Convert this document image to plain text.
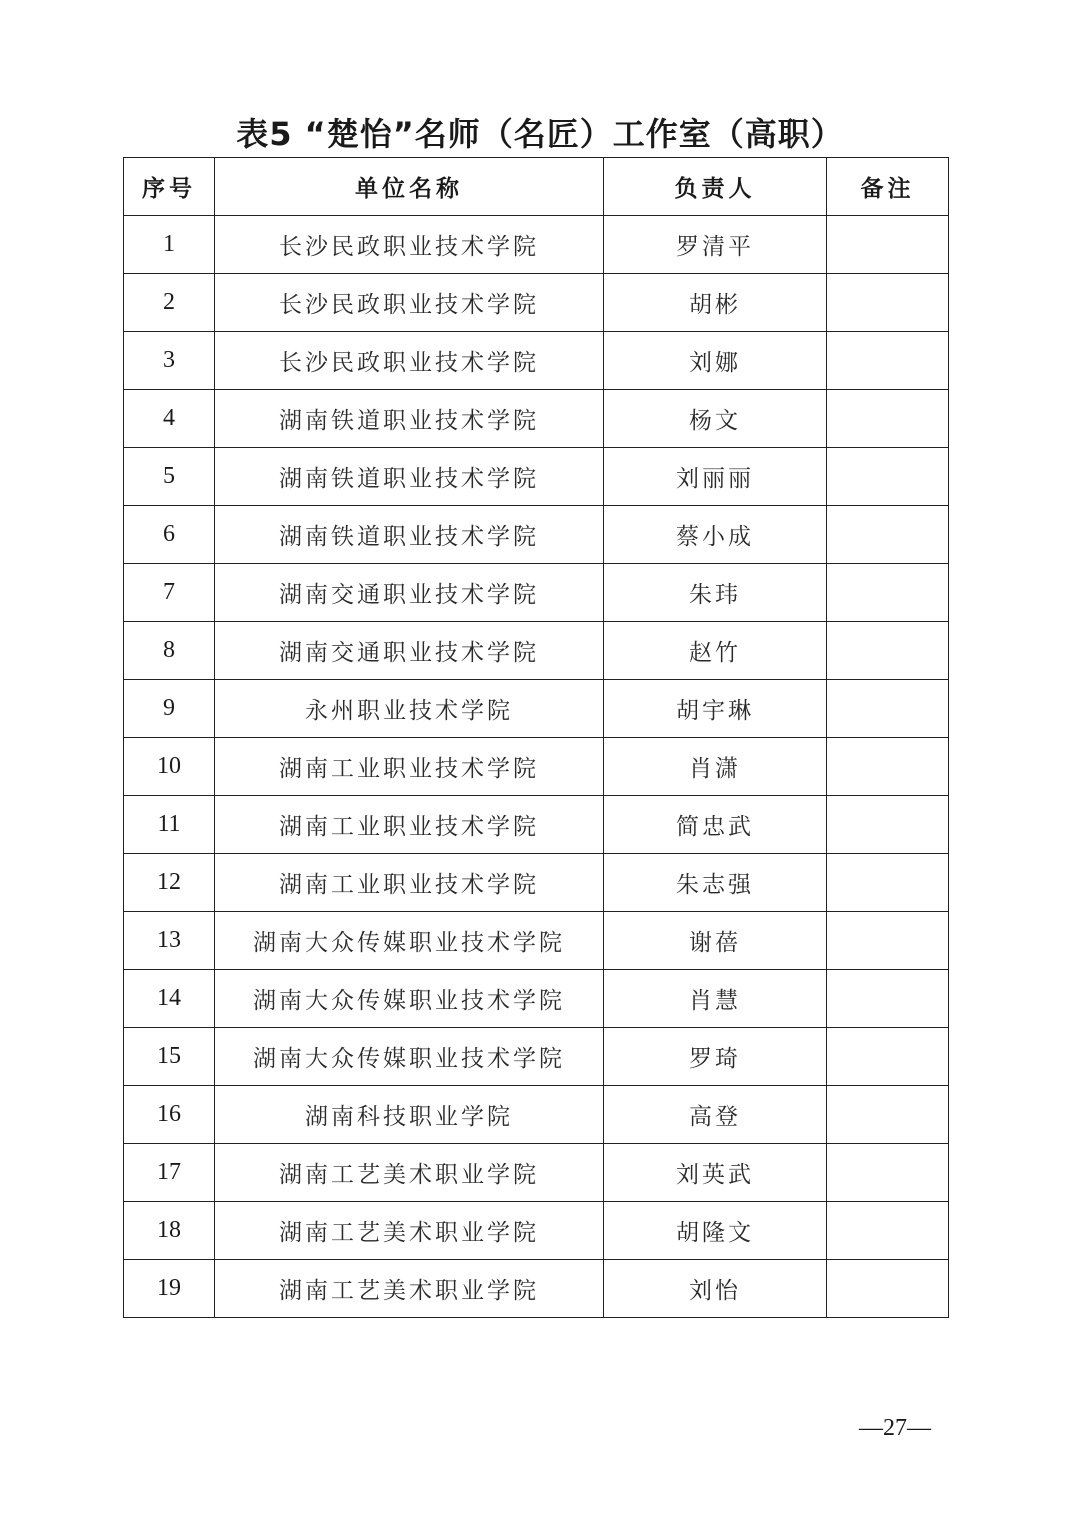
表5 “楚怡”名师（名匠）工作室（高职）
序号	单位名称	负责人	备注
1	长沙民政职业技术学院	罗清平	
2	长沙民政职业技术学院	胡彬	
3	长沙民政职业技术学院	刘娜	
4	湖南铁道职业技术学院	杨文	
5	湖南铁道职业技术学院	刘丽丽	
6	湖南铁道职业技术学院	蔡小成	
7	湖南交通职业技术学院	朱玮	
8	湖南交通职业技术学院	赵竹	
9	永州职业技术学院	胡宇琳	
10	湖南工业职业技术学院	肖潇	
11	湖南工业职业技术学院	简忠武	
12	湖南工业职业技术学院	朱志强	
13	湖南大众传媒职业技术学院	谢蓓	
14	湖南大众传媒职业技术学院	肖慧	
15	湖南大众传媒职业技术学院	罗琦	
16	湖南科技职业学院	高登	
17	湖南工艺美术职业学院	刘英武	
18	湖南工艺美术职业学院	胡隆文	
19	湖南工艺美术职业学院	刘怡	
—27—
